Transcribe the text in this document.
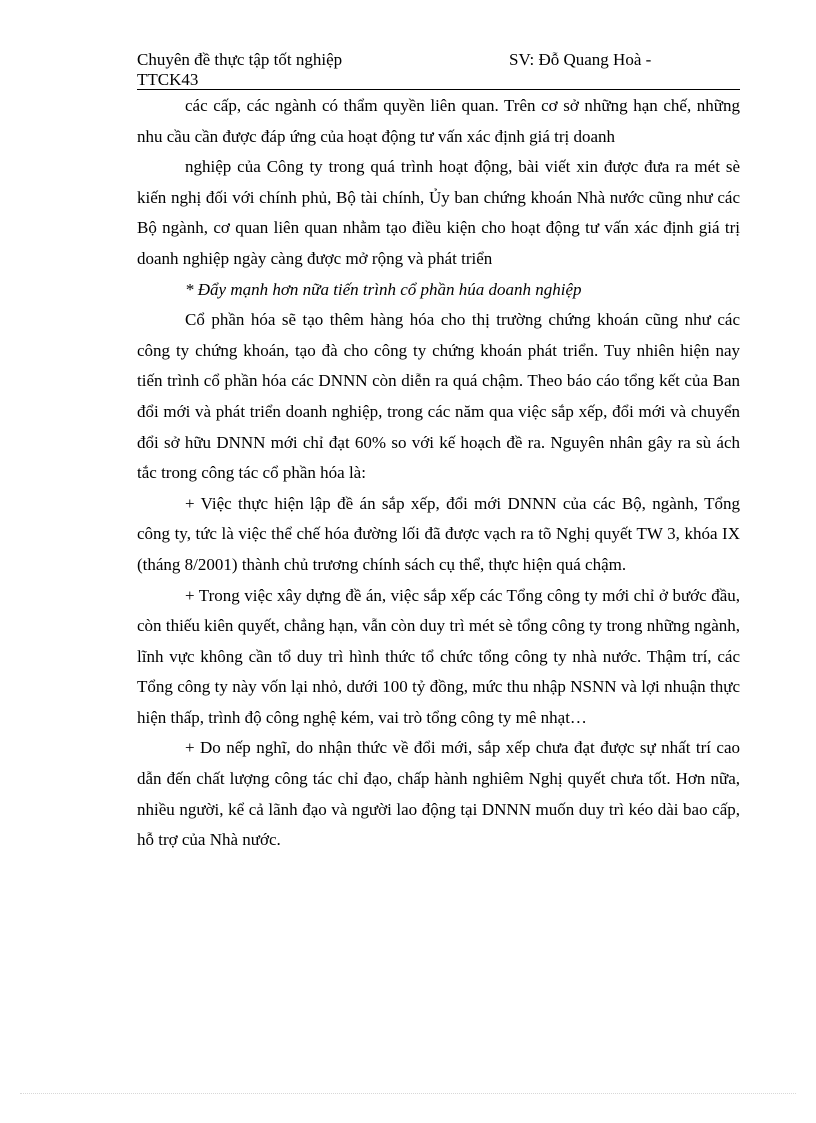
Chuyên đề thực tập tốt nghiệp
TTCK43
SV: Đỗ Quang Hoà -

các cấp, các ngành có thẩm quyền liên quan. Trên cơ sở những hạn chế, những nhu cầu cần được đáp ứng của hoạt động tư vấn xác định giá trị doanh

nghiệp của Công ty trong quá trình hoạt động, bài viết xin được đưa ra mét sè kiến nghị đối với chính phủ, Bộ tài chính, Ủy ban chứng khoán Nhà nước cũng như các Bộ ngành, cơ quan liên quan nhằm tạo điều kiện cho hoạt động tư vấn xác định giá trị doanh nghiệp ngày càng được mở rộng và phát triển

* Đẩy mạnh hơn nữa tiến trình cổ phần húa doanh nghiệp

Cổ phần hóa sẽ tạo thêm hàng hóa cho thị trường chứng khoán cũng như các công ty chứng khoán, tạo đà cho công ty chứng khoán phát triển. Tuy nhiên hiện nay tiến trình cổ phần hóa các DNNN còn diễn ra quá chậm. Theo báo cáo tổng kết của Ban đổi mới và phát triển doanh nghiệp, trong các năm qua việc sắp xếp, đổi mới và chuyển đổi sở hữu DNNN mới chỉ đạt 60% so với kế hoạch đề ra. Nguyên nhân gây ra sù ách tắc trong công tác cổ phần hóa là:

+ Việc thực hiện lập đề án sắp xếp, đổi mới DNNN của các Bộ, ngành, Tổng công ty, tức là việc thể chế hóa đường lối đã được vạch ra tõ Nghị quyết TW 3, khóa IX (tháng 8/2001) thành chủ trương chính sách cụ thể, thực hiện quá chậm.

+ Trong việc xây dựng đề án, việc sắp xếp các Tổng công ty mới chỉ ở bước đầu, còn thiếu kiên quyết, chẳng hạn, vẫn còn duy trì mét sè tổng công ty trong những ngành, lĩnh vực không cần tổ duy trì hình thức tổ chức tổng công ty nhà nước. Thậm trí, các Tổng công ty này vốn lại nhỏ, dưới 100 tỷ đồng, mức thu nhập NSNN và lợi nhuận thực hiện thấp, trình độ công nghệ kém, vai trò tổng công ty mê nhạt…

+ Do nếp nghĩ, do nhận thức về đổi mới, sắp xếp chưa đạt được sự nhất trí cao dẫn đến chất lượng công tác chỉ đạo, chấp hành nghiêm Nghị quyết chưa tốt. Hơn nữa, nhiều người, kể cả lãnh đạo và người lao động tại DNNN muốn duy trì kéo dài bao cấp, hỗ trợ của Nhà nước.
